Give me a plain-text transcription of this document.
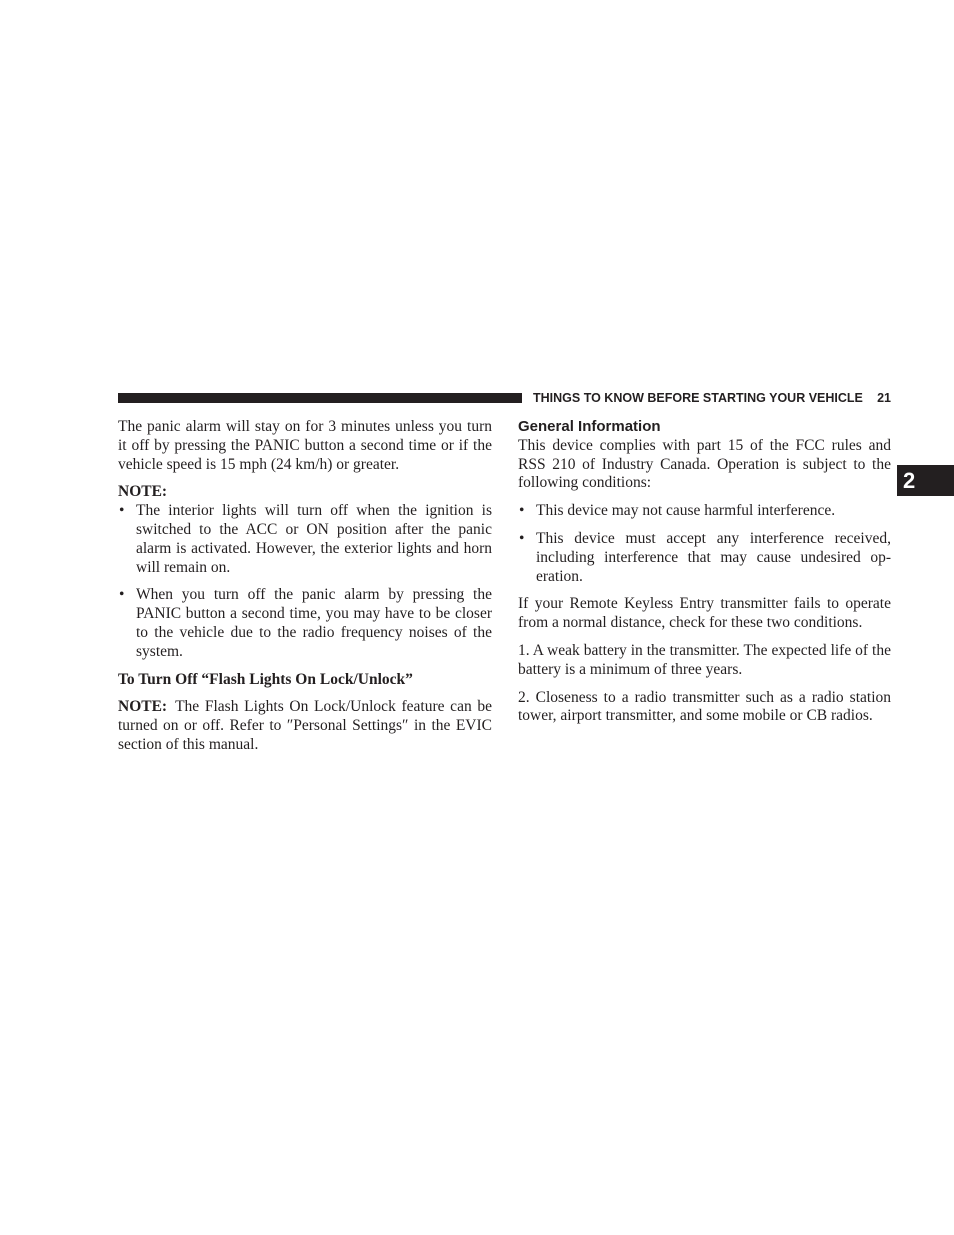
THINGS TO KNOW BEFORE STARTING YOUR VEHICLE 21
2

The panic alarm will stay on for 3 minutes unless you turn it off by pressing the PANIC button a second time or if the vehicle speed is 15 mph (24 km/h) or greater.

NOTE:

• The interior lights will turn off when the ignition is switched to the ACC or ON position after the panic alarm is activated. However, the exterior lights and horn will remain on.
• When you turn off the panic alarm by pressing the PANIC button a second time, you may have to be closer to the vehicle due to the radio frequency noises of the system.

To Turn Off “Flash Lights On Lock/Unlock”

NOTE: The Flash Lights On Lock/Unlock feature can be turned on or off. Refer to ″Personal Settings″ in the EVIC section of this manual.

General Information

This device complies with part 15 of the FCC rules and RSS 210 of Industry Canada. Operation is subject to the following conditions:

• This device may not cause harmful interference.
• This device must accept any interference received, including interference that may cause undesired operation.

If your Remote Keyless Entry transmitter fails to operate from a normal distance, check for these two conditions.

1. A weak battery in the transmitter. The expected life of the battery is a minimum of three years.

2. Closeness to a radio transmitter such as a radio station tower, airport transmitter, and some mobile or CB radios.
